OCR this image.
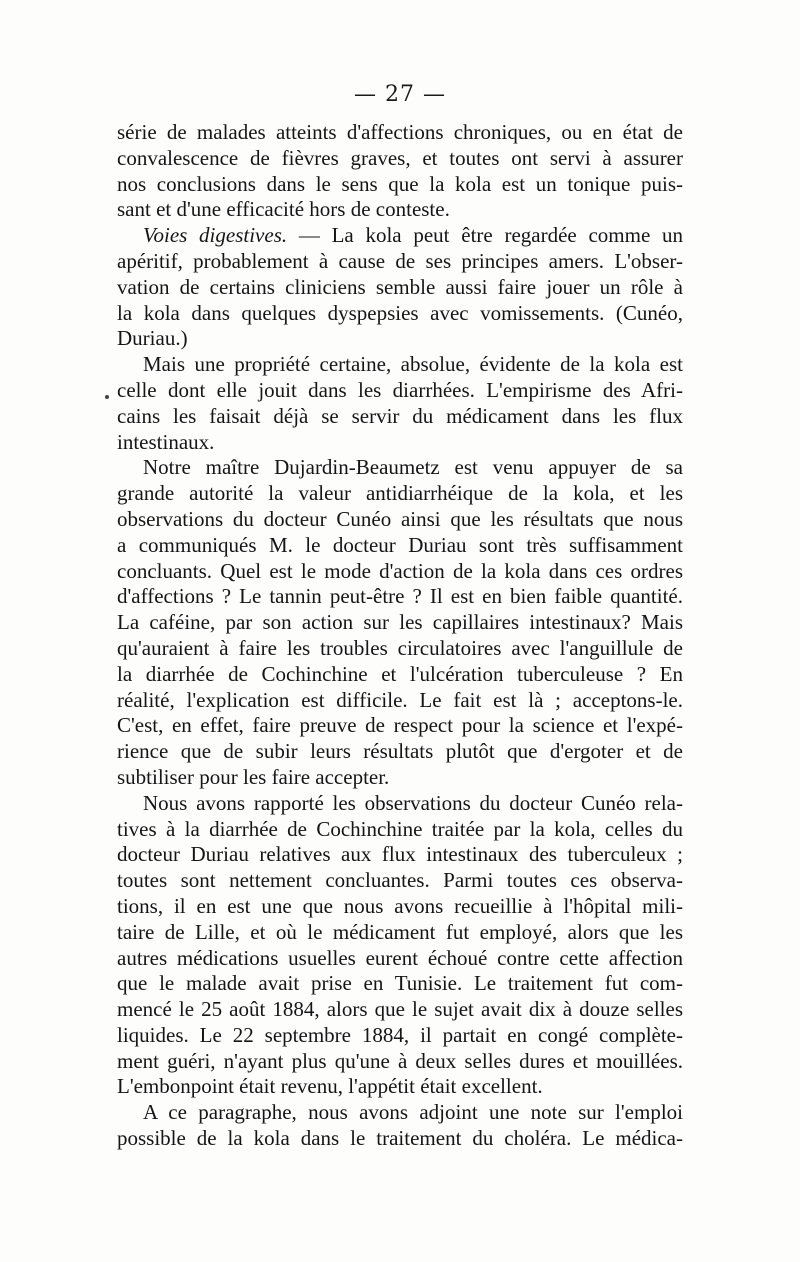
— 27 —
série de malades atteints d'affections chroniques, ou en état de
convalescence de fièvres graves, et toutes ont servi à assurer
nos conclusions dans le sens que la kola est un tonique puis-
sant et d'une efficacité hors de conteste.
Voies digestives. — La kola peut être regardée comme un
apéritif, probablement à cause de ses principes amers. L'obser-
vation de certains cliniciens semble aussi faire jouer un rôle à
la kola dans quelques dyspepsies avec vomissements. (Cunéo,
Duriau.)
Mais une propriété certaine, absolue, évidente de la kola est
celle dont elle jouit dans les diarrhées. L'empirisme des Afri-
cains les faisait déjà se servir du médicament dans les flux
intestinaux.
Notre maître Dujardin-Beaumetz est venu appuyer de sa
grande autorité la valeur antidiarrhéique de la kola, et les
observations du docteur Cunéo ainsi que les résultats que nous
a communiqués M. le docteur Duriau sont très suffisamment
concluants. Quel est le mode d'action de la kola dans ces ordres
d'affections ? Le tannin peut-être ? Il est en bien faible quantité.
La caféine, par son action sur les capillaires intestinaux? Mais
qu'auraient à faire les troubles circulatoires avec l'anguillule de
la diarrhée de Cochinchine et l'ulcération tuberculeuse ? En
réalité, l'explication est difficile. Le fait est là ; acceptons-le.
C'est, en effet, faire preuve de respect pour la science et l'expé-
rience que de subir leurs résultats plutôt que d'ergoter et de
subtiliser pour les faire accepter.
Nous avons rapporté les observations du docteur Cunéo rela-
tives à la diarrhée de Cochinchine traitée par la kola, celles du
docteur Duriau relatives aux flux intestinaux des tuberculeux ;
toutes sont nettement concluantes. Parmi toutes ces observa-
tions, il en est une que nous avons recueillie à l'hôpital mili-
taire de Lille, et où le médicament fut employé, alors que les
autres médications usuelles eurent échoué contre cette affection
que le malade avait prise en Tunisie. Le traitement fut com-
mencé le 25 août 1884, alors que le sujet avait dix à douze selles
liquides. Le 22 septembre 1884, il partait en congé complète-
ment guéri, n'ayant plus qu'une à deux selles dures et mouillées.
L'embonpoint était revenu, l'appétit était excellent.
A ce paragraphe, nous avons adjoint une note sur l'emploi
possible de la kola dans le traitement du choléra. Le médica-
